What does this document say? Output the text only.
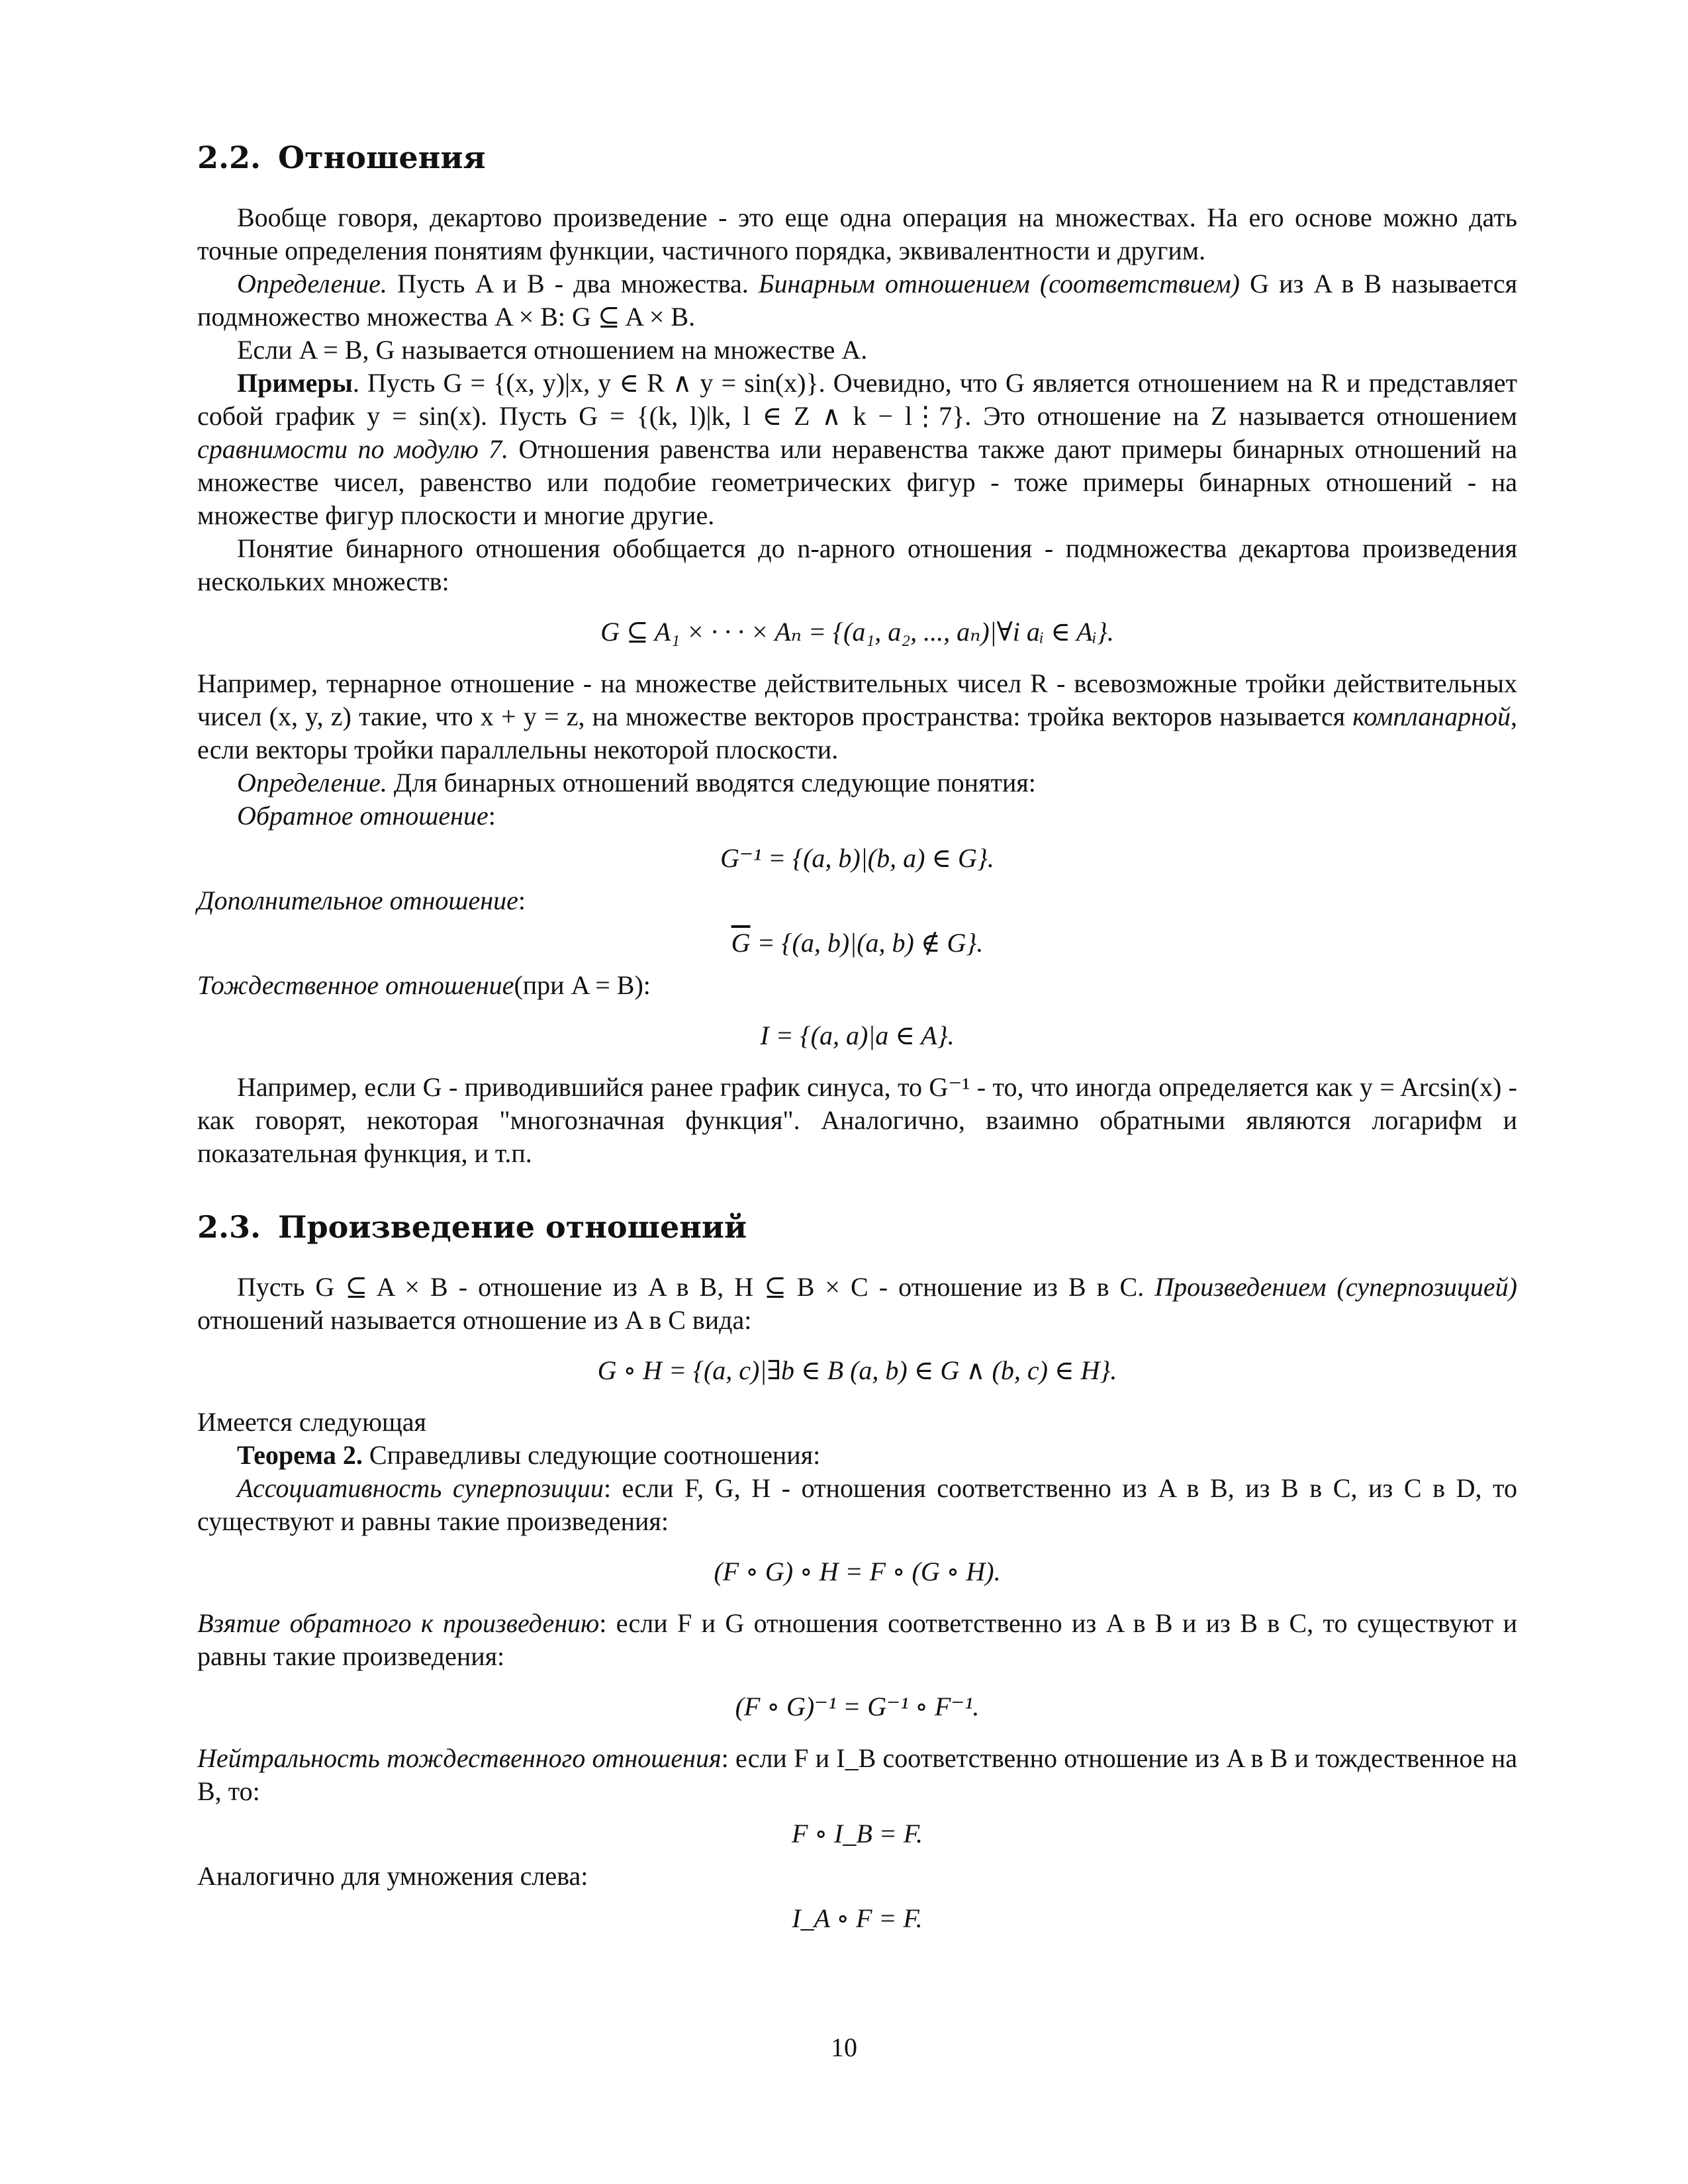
2.2. Отношения

Вообще говоря, декартово произведение - это еще одна операция на множествах. На его основе можно дать точные определения понятиям функции, частичного порядка, эквивалентности и другим.

Определение. Пусть A и B - два множества. Бинарным отношением (соответствием) G из A в B называется подмножество множества A × B: G ⊆ A × B.

Если A = B, G называется отношением на множестве A.

Примеры. Пусть G = {(x, y)|x, y ∈ R ∧ y = sin(x)}. Очевидно, что G является отношением на R и представляет собой график y = sin(x). Пусть G = {(k, l)|k, l ∈ Z ∧ k − l⋮7}. Это отношение на Z называется отношением сравнимости по модулю 7. Отношения равенства или неравенства также дают примеры бинарных отношений на множестве чисел, равенство или подобие геометрических фигур - тоже примеры бинарных отношений - на множестве фигур плоскости и многие другие.

Понятие бинарного отношения обобщается до n-арного отношения - подмножества декартова произведения нескольких множеств:

G ⊆ A₁ × · · · × Aₙ = {(a₁, a₂, ..., aₙ)|∀i aᵢ ∈ Aᵢ}.

Например, тернарное отношение - на множестве действительных чисел R - всевозможные тройки действительных чисел (x, y, z) такие, что x + y = z, на множестве векторов пространства: тройка векторов называется компланарной, если векторы тройки параллельны некоторой плоскости.

Определение. Для бинарных отношений вводятся следующие понятия:

Обратное отношение:

G⁻¹ = {(a, b)|(b, a) ∈ G}.

Дополнительное отношение:

$\overline{G} = \{(a$, b)|(a, b) ∉ G}.

Тождественное отношение(при A = B):

I = {(a, a)|a ∈ A}.

Например, если G - приводившийся ранее график синуса, то G⁻¹ - то, что иногда определяется как y = Arcsin(x) - как говорят, некоторая "многозначная функция". Аналогично, взаимно обратными являются логарифм и показательная функция, и т.п.

2.3. Произведение отношений

Пусть G ⊆ A × B - отношение из A в B, H ⊆ B × C - отношение из B в C. Произведением (суперпозицией) отношений называется отношение из A в C вида:

G ∘ H = {(a, c)|∃b ∈ B (a, b) ∈ G ∧ (b, c) ∈ H}.

Имеется следующая

Теорема 2. Справедливы следующие соотношения:

Ассоциативность суперпозиции: если F, G, H - отношения соответственно из A в B, из B в C, из C в D, то существуют и равны такие произведения:

(F ∘ G) ∘ H = F ∘ (G ∘ H).

Взятие обратного к произведению: если F и G отношения соответственно из A в B и из B в C, то существуют и равны такие произведения:

(F ∘ G)⁻¹ = G⁻¹ ∘ F⁻¹.

Нейтральность тождественного отношения: если F и I_B соответственно отношение из A в B и тождественное на B, то:

F ∘ I_B = F.

Аналогично для умножения слева:

I_A ∘ F = F.
10
